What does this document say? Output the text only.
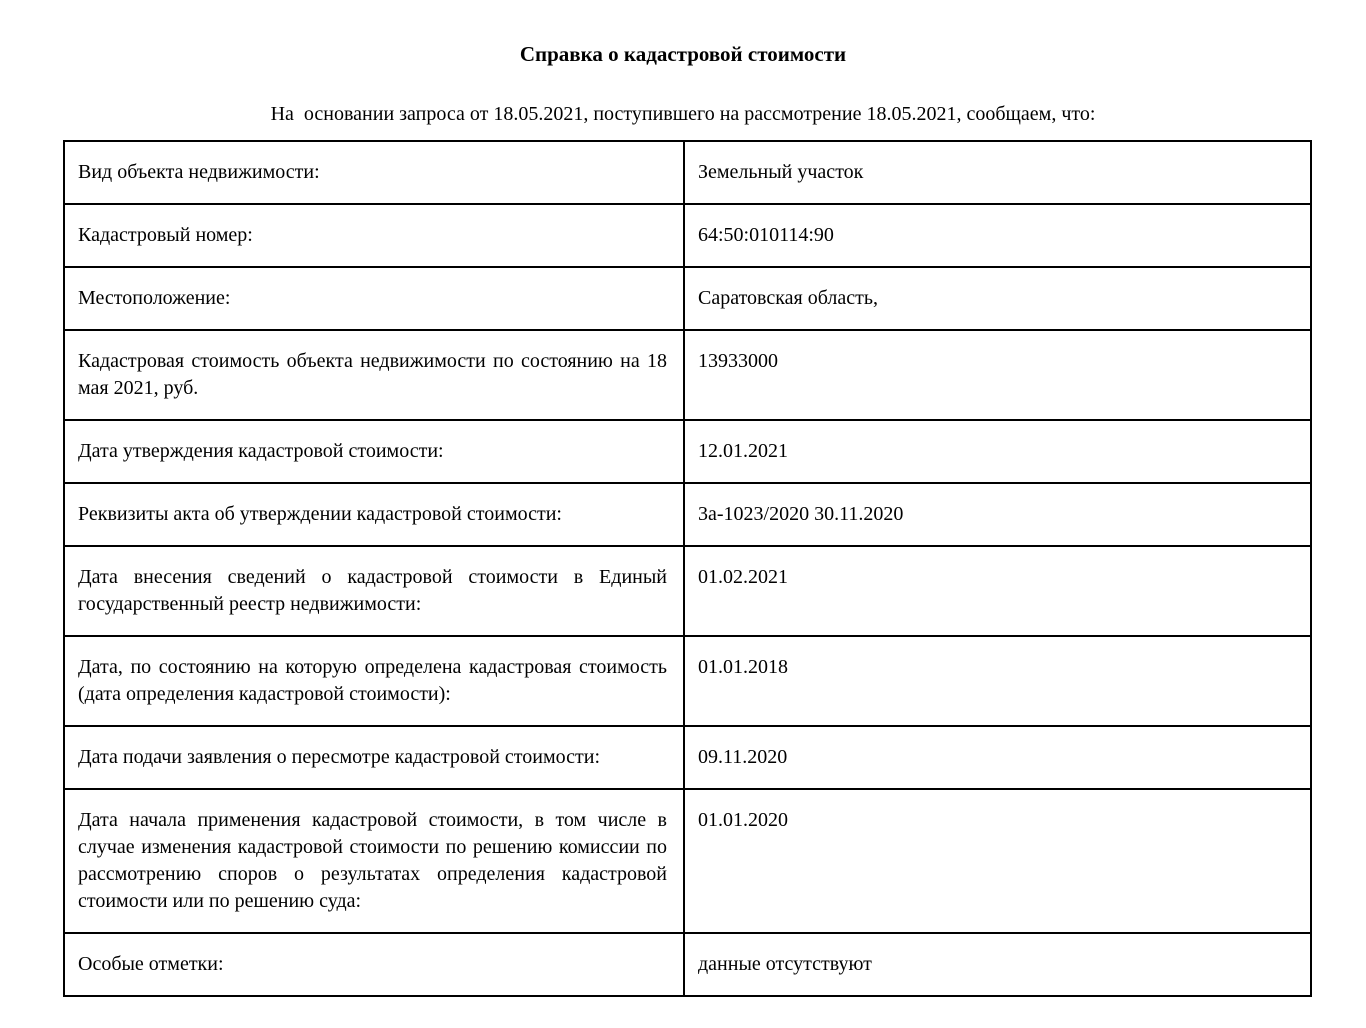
Справка о кадастровой стоимости
На  основании запроса от 18.05.2021, поступившего на рассмотрение 18.05.2021, сообщаем, что:
Вид объекта недвижимости:	Земельный участок
Кадастровый номер:	64:50:010114:90
Местоположение:	Саратовская область,
Кадастровая стоимость объекта недвижимости по состоянию на 18 мая 2021, руб.	13933000
Дата утверждения кадастровой стоимости:	12.01.2021
Реквизиты акта об утверждении кадастровой стоимости:	3а-1023/2020 30.11.2020
Дата внесения сведений о кадастровой стоимости в Единый государственный реестр недвижимости:	01.02.2021
Дата, по состоянию на которую определена кадастровая стоимость (дата определения кадастровой стоимости):	01.01.2018
Дата подачи заявления о пересмотре кадастровой стоимости:	09.11.2020
Дата начала применения кадастровой стоимости, в том числе в случае изменения кадастровой стоимости по решению комиссии по рассмотрению споров о результатах определения кадастровой стоимости или по решению суда:	01.01.2020
Особые отметки:	данные отсутствуют
